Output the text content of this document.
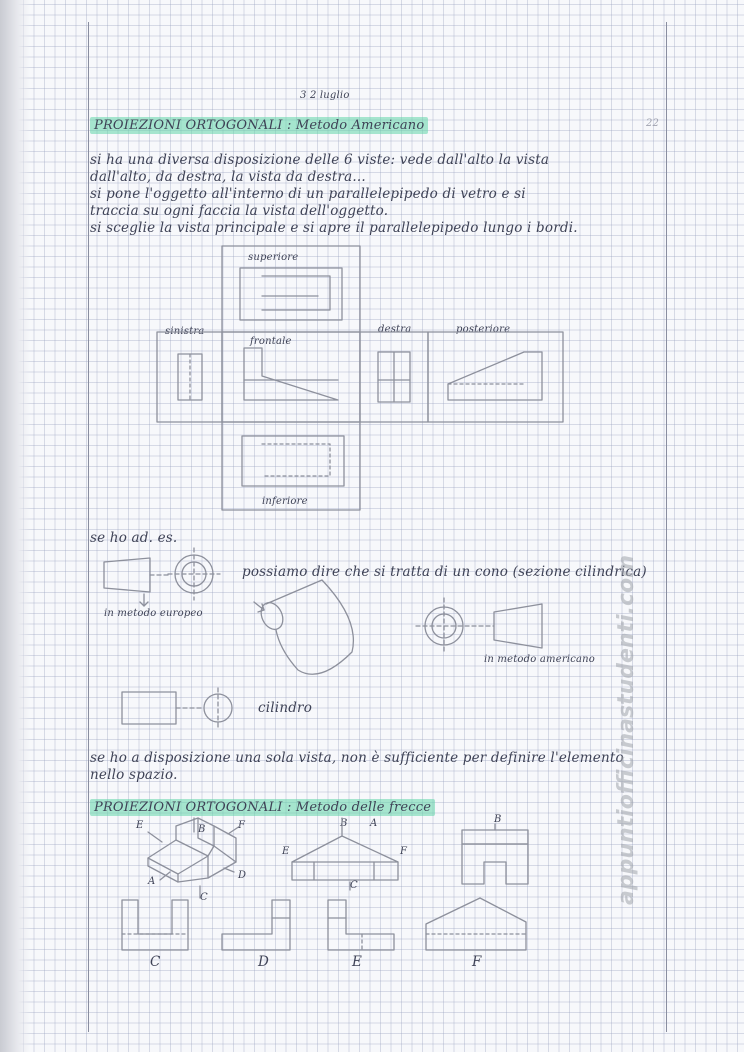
3 2 luglio
22
PROIEZIONI ORTOGONALI : Metodo Americano
si ha una diversa disposizione delle 6 viste: vede dall'alto la vista
dall'alto, da destra, la vista da destra...
si pone l'oggetto all'interno di un parallelepipedo di vetro e si
traccia su ogni faccia la vista dell'oggetto.
si sceglie la vista principale e si apre il parallelepipedo lungo i bordi.
superiore
sinistra
frontale
destra	posteriore
inferiore
se ho ad. es.
possiamo dire che si tratta di un cono (sezione cilindrica)
in metodo europeo
in metodo americano
cilindro
se ho a disposizione una sola vista, non è sufficiente per definire l'elemento
nello spazio.
PROIEZIONI ORTOGONALI : Metodo delle frecce
E	B	F
A
D
C
B A
E	F
C
B
C	D	E	F
appuntiofficinastudenti.com
